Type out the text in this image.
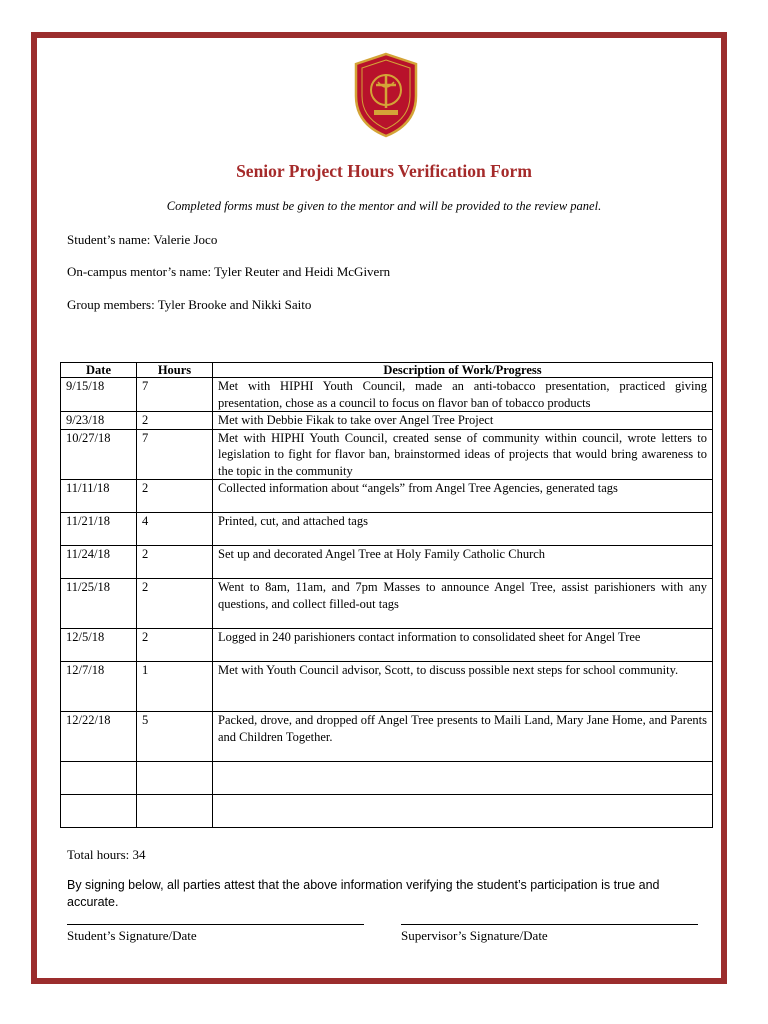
Senior Project Hours Verification Form
Completed forms must be given to the mentor and will be provided to the review panel.
Student’s name: Valerie Joco
On-campus mentor’s name: Tyler Reuter and Heidi McGivern
Group members: Tyler Brooke and Nikki Saito
Date	Hours	Description of Work/Progress
9/15/18	7	Met with HIPHI Youth Council, made an anti-tobacco presentation, practiced giving presentation, chose as a council to focus on flavor ban of tobacco products
9/23/18	2	Met with Debbie Fikak to take over Angel Tree Project
10/27/18	7	Met with HIPHI Youth Council, created sense of community within council, wrote letters to legislation to fight for flavor ban, brainstormed ideas of projects that would bring awareness to the topic in the community
11/11/18	2	Collected information about “angels” from Angel Tree Agencies, generated tags
11/21/18	4	Printed, cut, and attached tags
11/24/18	2	Set up and decorated Angel Tree at Holy Family Catholic Church
11/25/18	2	Went to 8am, 11am, and 7pm Masses to announce Angel Tree, assist parishioners with any questions, and collect filled-out tags
12/5/18	2	Logged in 240 parishioners contact information to consolidated sheet for Angel Tree
12/7/18	1	Met with Youth Council advisor, Scott, to discuss possible next steps for school community.
12/22/18	5	Packed, drove, and dropped off Angel Tree presents to Maili Land, Mary Jane Home, and Parents and Children Together.

Total hours: 34
By signing below, all parties attest that the above information verifying the student’s participation is true and accurate.
Student’s Signature/Date	Supervisor’s Signature/Date
